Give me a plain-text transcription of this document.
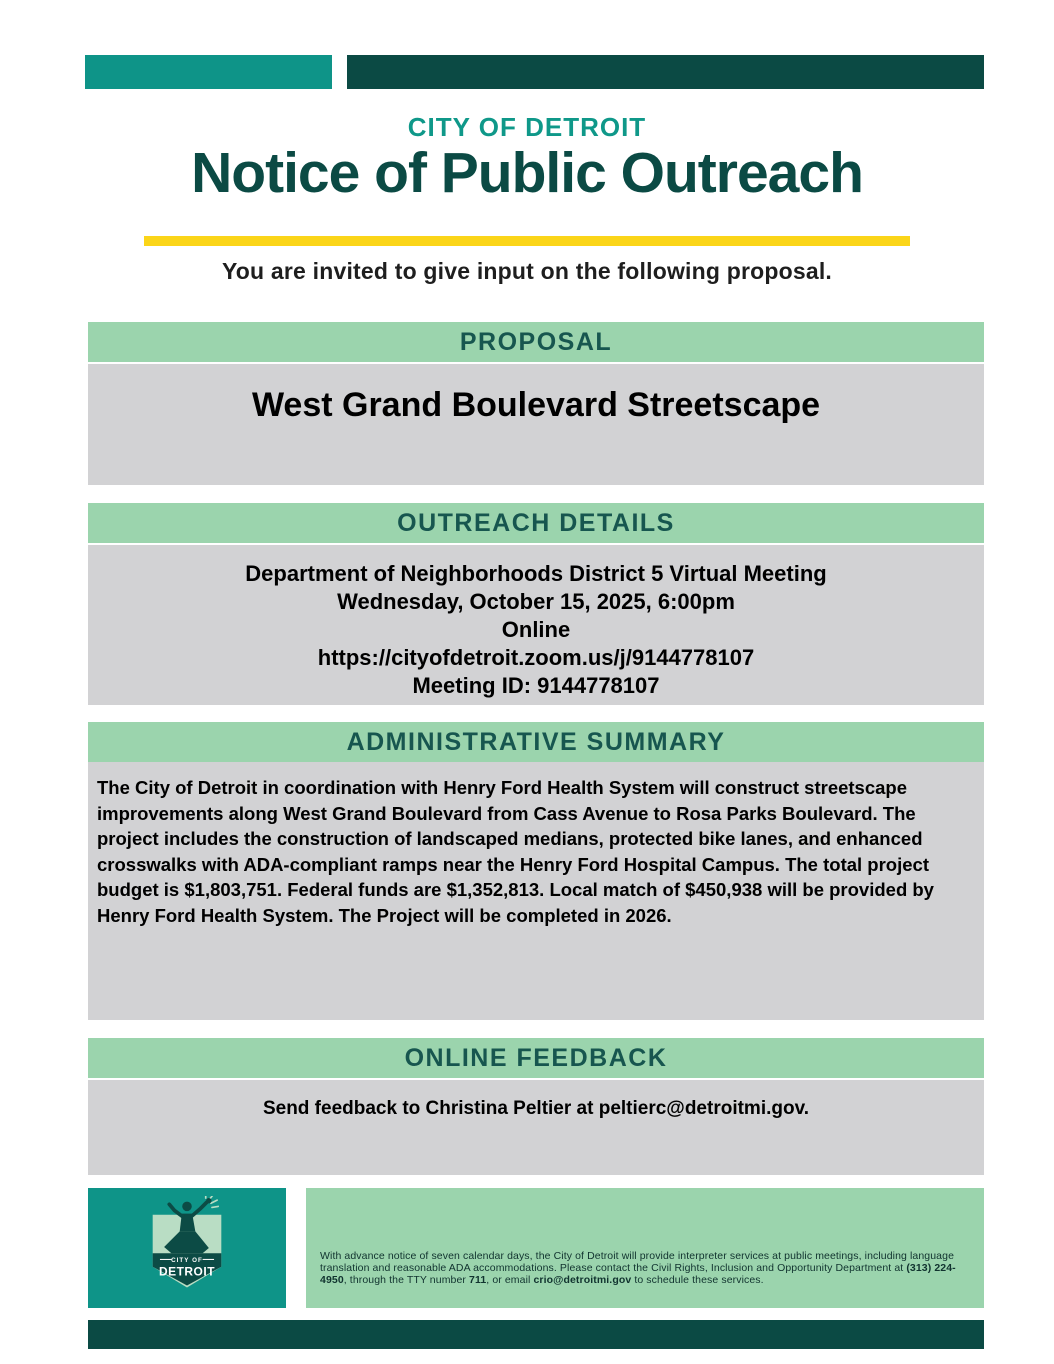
CITY OF DETROIT
Notice of Public Outreach
You are invited to give input on the following proposal.
PROPOSAL
West Grand Boulevard Streetscape
OUTREACH DETAILS
Department of Neighborhoods District 5 Virtual Meeting
Wednesday, October 15, 2025, 6:00pm
Online
https://cityofdetroit.zoom.us/j/9144778107
Meeting ID: 9144778107
ADMINISTRATIVE SUMMARY
The City of Detroit in coordination with Henry Ford Health System will construct streetscape improvements along West Grand Boulevard from Cass Avenue to Rosa Parks Boulevard. The project includes the construction of landscaped medians, protected bike lanes, and enhanced crosswalks with ADA-compliant ramps near the Henry Ford Hospital Campus. The total project budget is $1,803,751. Federal funds are $1,352,813. Local match of $450,938 will be provided by Henry Ford Health System. The Project will be completed in 2026.
ONLINE FEEDBACK
Send feedback to Christina Peltier at peltierc@detroitmi.gov.
CITY OF
DETROIT
With advance notice of seven calendar days, the City of Detroit will provide interpreter services at public meetings, including language translation and reasonable ADA accommodations. Please contact the Civil Rights, Inclusion and Opportunity Department at (313) 224-4950, through the TTY number 711, or email crio@detroitmi.gov to schedule these services.
